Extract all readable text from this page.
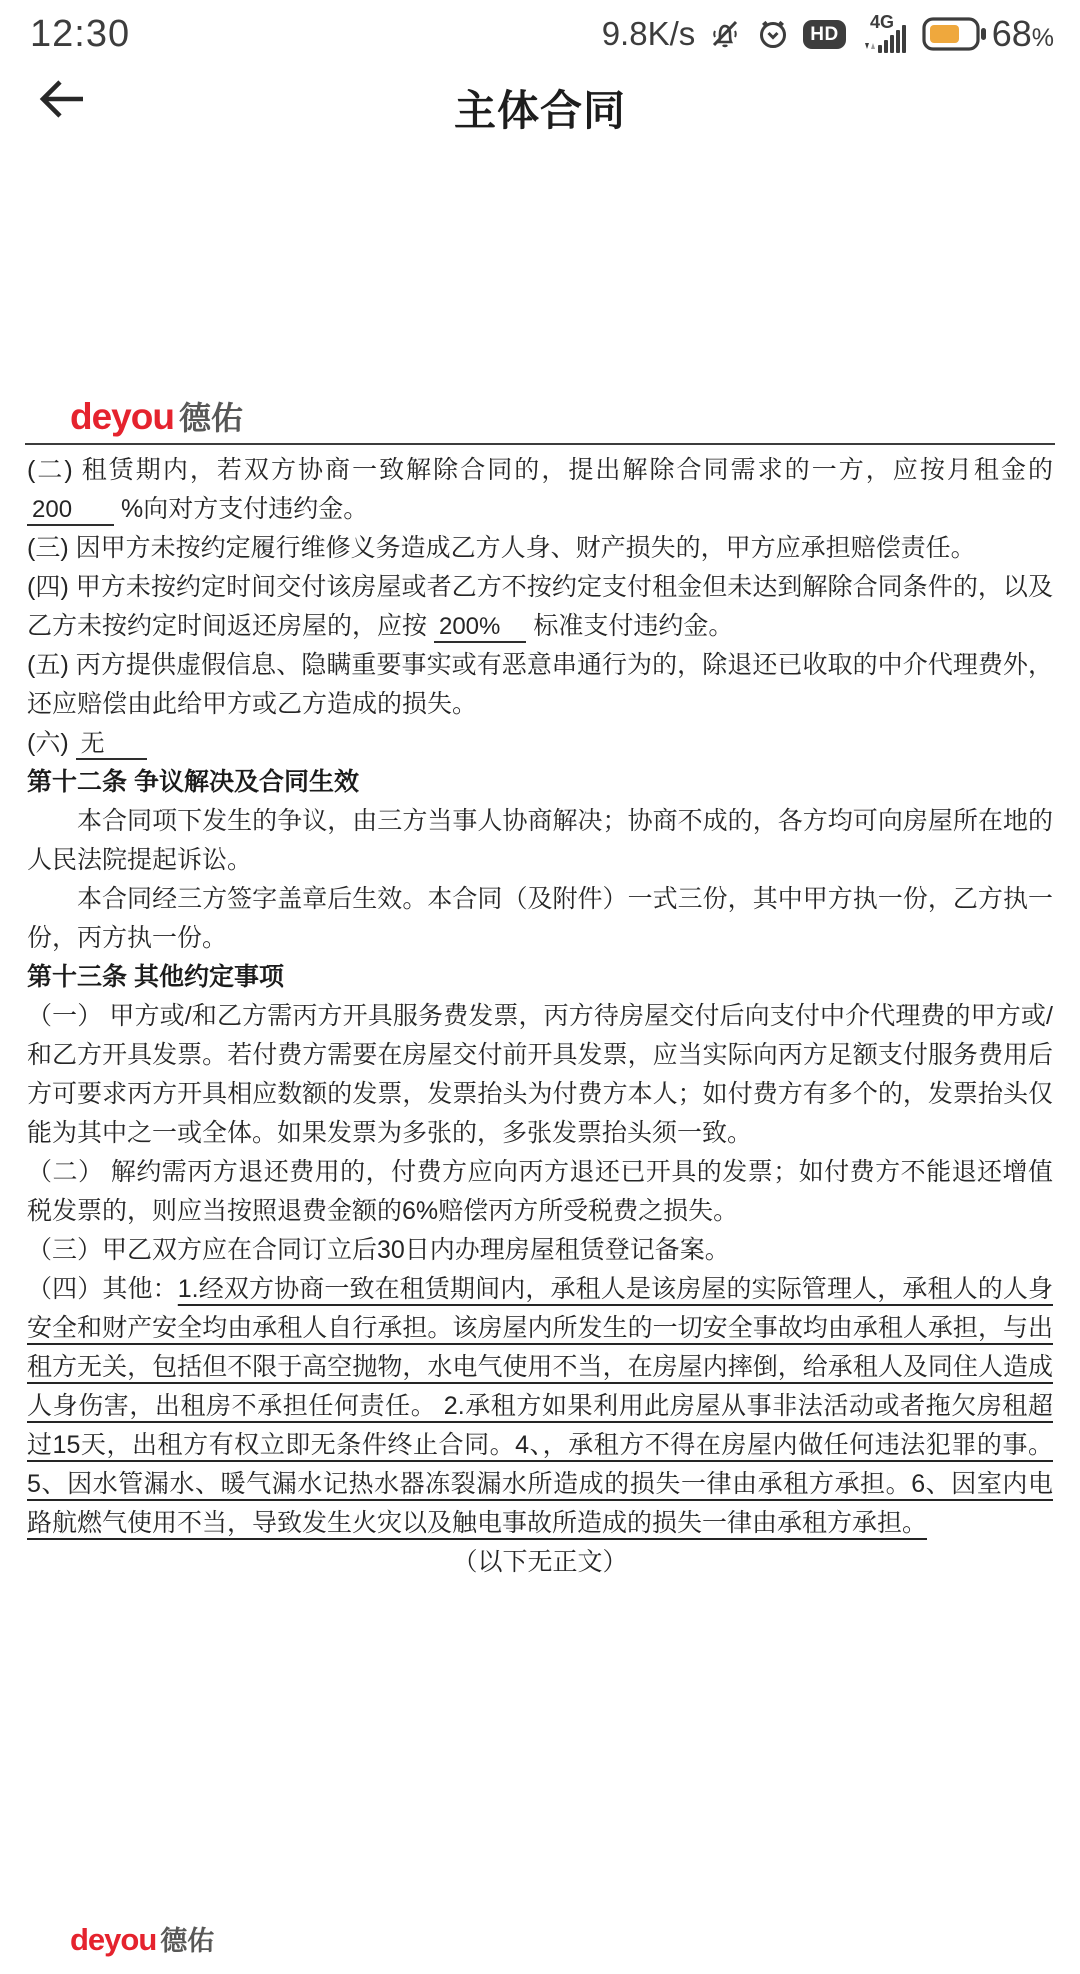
12:30	9.8K/s	HD
4G	68%
主体合同
deyou 德佑

(二) 租赁期内，若双方协商一致解除合同的，提出解除合同需求的一方，应按月租金的 200 %向对方支付违约金。

(三) 因甲方未按约定履行维修义务造成乙方人身、财产损失的，甲方应承担赔偿责任。

(四) 甲方未按约定时间交付该房屋或者乙方不按约定支付租金但未达到解除合同条件的，以及乙方未按约定时间返还房屋的，应按 200% 标准支付违约金。

(五) 丙方提供虚假信息、隐瞒重要事实或有恶意串通行为的，除退还已收取的中介代理费外，还应赔偿由此给甲方或乙方造成的损失。

(六) 无

第十二条 争议解决及合同生效

本合同项下发生的争议，由三方当事人协商解决；协商不成的，各方均可向房屋所在地的人民法院提起诉讼。

本合同经三方签字盖章后生效。本合同（及附件）一式三份，其中甲方执一份，乙方执一份，丙方执一份。

第十三条 其他约定事项

（一） 甲方或/和乙方需丙方开具服务费发票，丙方待房屋交付后向支付中介代理费的甲方或/和乙方开具发票。若付费方需要在房屋交付前开具发票，应当实际向丙方足额支付服务费用后方可要求丙方开具相应数额的发票，发票抬头为付费方本人；如付费方有多个的，发票抬头仅能为其中之一或全体。如果发票为多张的，多张发票抬头须一致。

（二） 解约需丙方退还费用的，付费方应向丙方退还已开具的发票；如付费方不能退还增值税发票的，则应当按照退费金额的6%赔偿丙方所受税费之损失。

（三）甲乙双方应在合同订立后30日内办理房屋租赁登记备案。

（四）其他：1.经双方协商一致在租赁期间内，承租人是该房屋的实际管理人，承租人的人身安全和财产安全均由承租人自行承担。该房屋内所发生的一切安全事故均由承租人承担，与出租方无关，包括但不限于高空抛物，水电气使用不当，在房屋内摔倒，给承租人及同住人造成人身伤害，出租房不承担任何责任。 2.承租方如果利用此房屋从事非法活动或者拖欠房租超过15天，出租方有权立即无条件终止合同。4、，承租方不得在房屋内做任何违法犯罪的事。5、因水管漏水、暖气漏水记热水器冻裂漏水所造成的损失一律由承租方承担。6、因室内电路航燃气使用不当，导致发生火灾以及触电事故所造成的损失一律由承租方承担。

（以下无正文）

deyou 德佑
